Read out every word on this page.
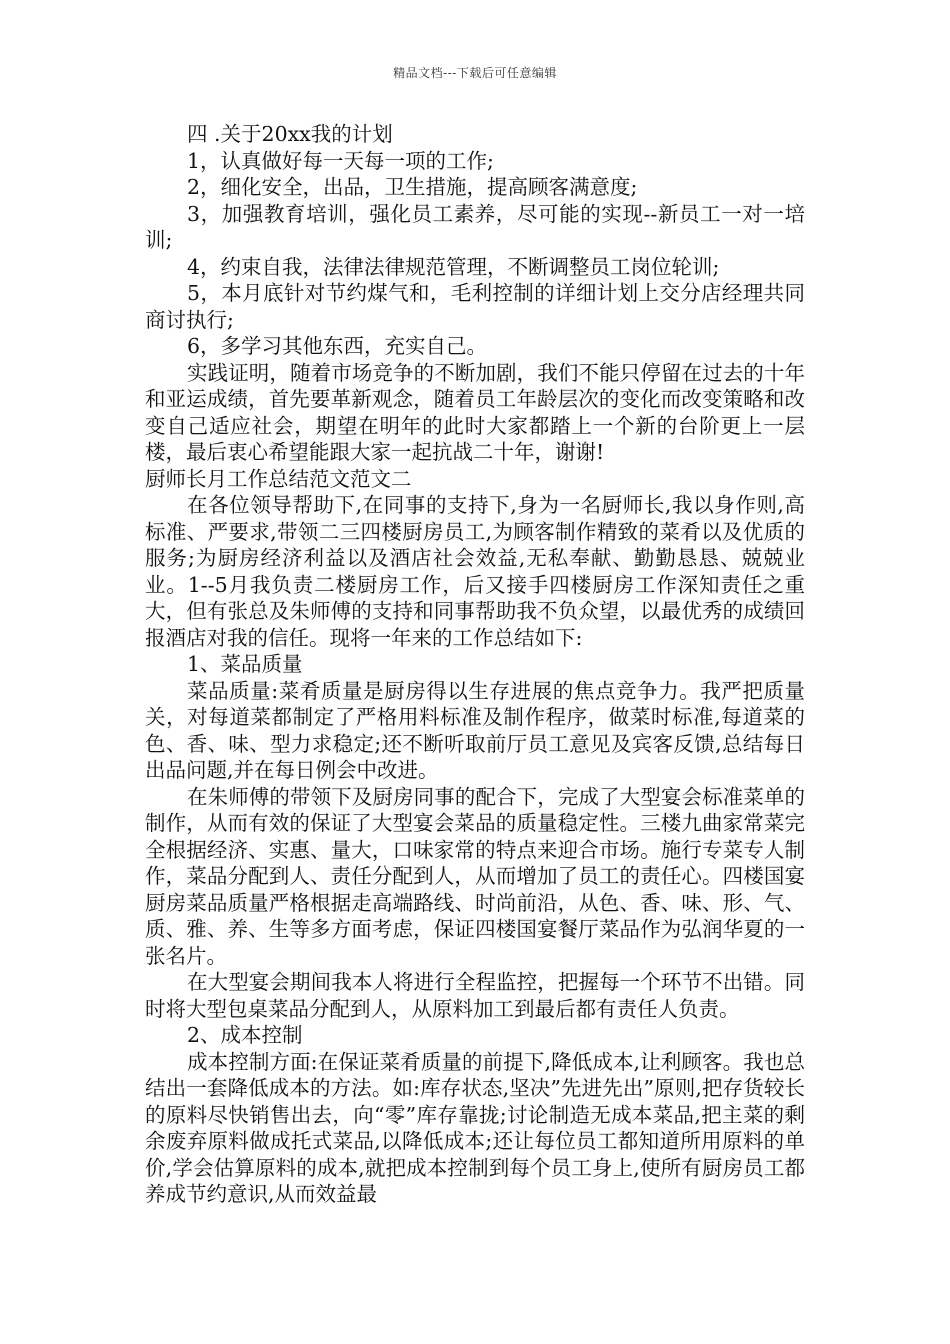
精品文档---下载后可任意编辑

四 .关于20xx我的计划

1，认真做好每一天每一项的工作;

2，细化安全，出品，卫生措施，提高顾客满意度;

3，加强教育培训，强化员工素养，尽可能的实现--新员工一对一培训;

4，约束自我，法律法律规范管理，不断调整员工岗位轮训;

5，本月底针对节约煤气和，毛利控制的详细计划上交分店经理共同商讨执行;

6，多学习其他东西，充实自己。

实践证明，随着市场竞争的不断加剧，我们不能只停留在过去的十年和亚运成绩，首先要革新观念，随着员工年龄层次的变化而改变策略和改变自己适应社会，期望在明年的此时大家都踏上一个新的台阶更上一层楼，最后衷心希望能跟大家一起抗战二十年，谢谢!

厨师长月工作总结范文范文二

在各位领导帮助下,在同事的支持下,身为一名厨师长,我以身作则,高标准、严要求,带领二三四楼厨房员工,为顾客制作精致的菜肴以及优质的服务;为厨房经济利益以及酒店社会效益,无私奉献、勤勤恳恳、兢兢业业。1--5月我负责二楼厨房工作，后又接手四楼厨房工作深知责任之重大，但有张总及朱师傅的支持和同事帮助我不负众望，以最优秀的成绩回报酒店对我的信任。现将一年来的工作总结如下:

1、菜品质量

菜品质量:菜肴质量是厨房得以生存进展的焦点竞争力。我严把质量关，对每道菜都制定了严格用料标准及制作程序，做菜时标准,每道菜的色、香、味、型力求稳定;还不断听取前厅员工意见及宾客反馈,总结每日出品问题,并在每日例会中改进。

在朱师傅的带领下及厨房同事的配合下，完成了大型宴会标准菜单的制作，从而有效的保证了大型宴会菜品的质量稳定性。三楼九曲家常菜完全根据经济、实惠、量大，口味家常的特点来迎合市场。施行专菜专人制作，菜品分配到人、责任分配到人，从而增加了员工的责任心。四楼国宴厨房菜品质量严格根据走高端路线、时尚前沿，从色、香、味、形、气、质、雅、养、生等多方面考虑，保证四楼国宴餐厅菜品作为弘润华夏的一张名片。

在大型宴会期间我本人将进行全程监控，把握每一个环节不出错。同时将大型包桌菜品分配到人，从原料加工到最后都有责任人负责。

2、成本控制

成本控制方面:在保证菜肴质量的前提下,降低成本,让利顾客。我也总结出一套降低成本的方法。如:库存状态,坚决”先进先出”原则,把存货较长的原料尽快销售出去，向“零”库存靠拢;讨论制造无成本菜品,把主菜的剩余废弃原料做成托式菜品,以降低成本;还让每位员工都知道所用原料的单价,学会估算原料的成本,就把成本控制到每个员工身上,使所有厨房员工都养成节约意识,从而效益最
